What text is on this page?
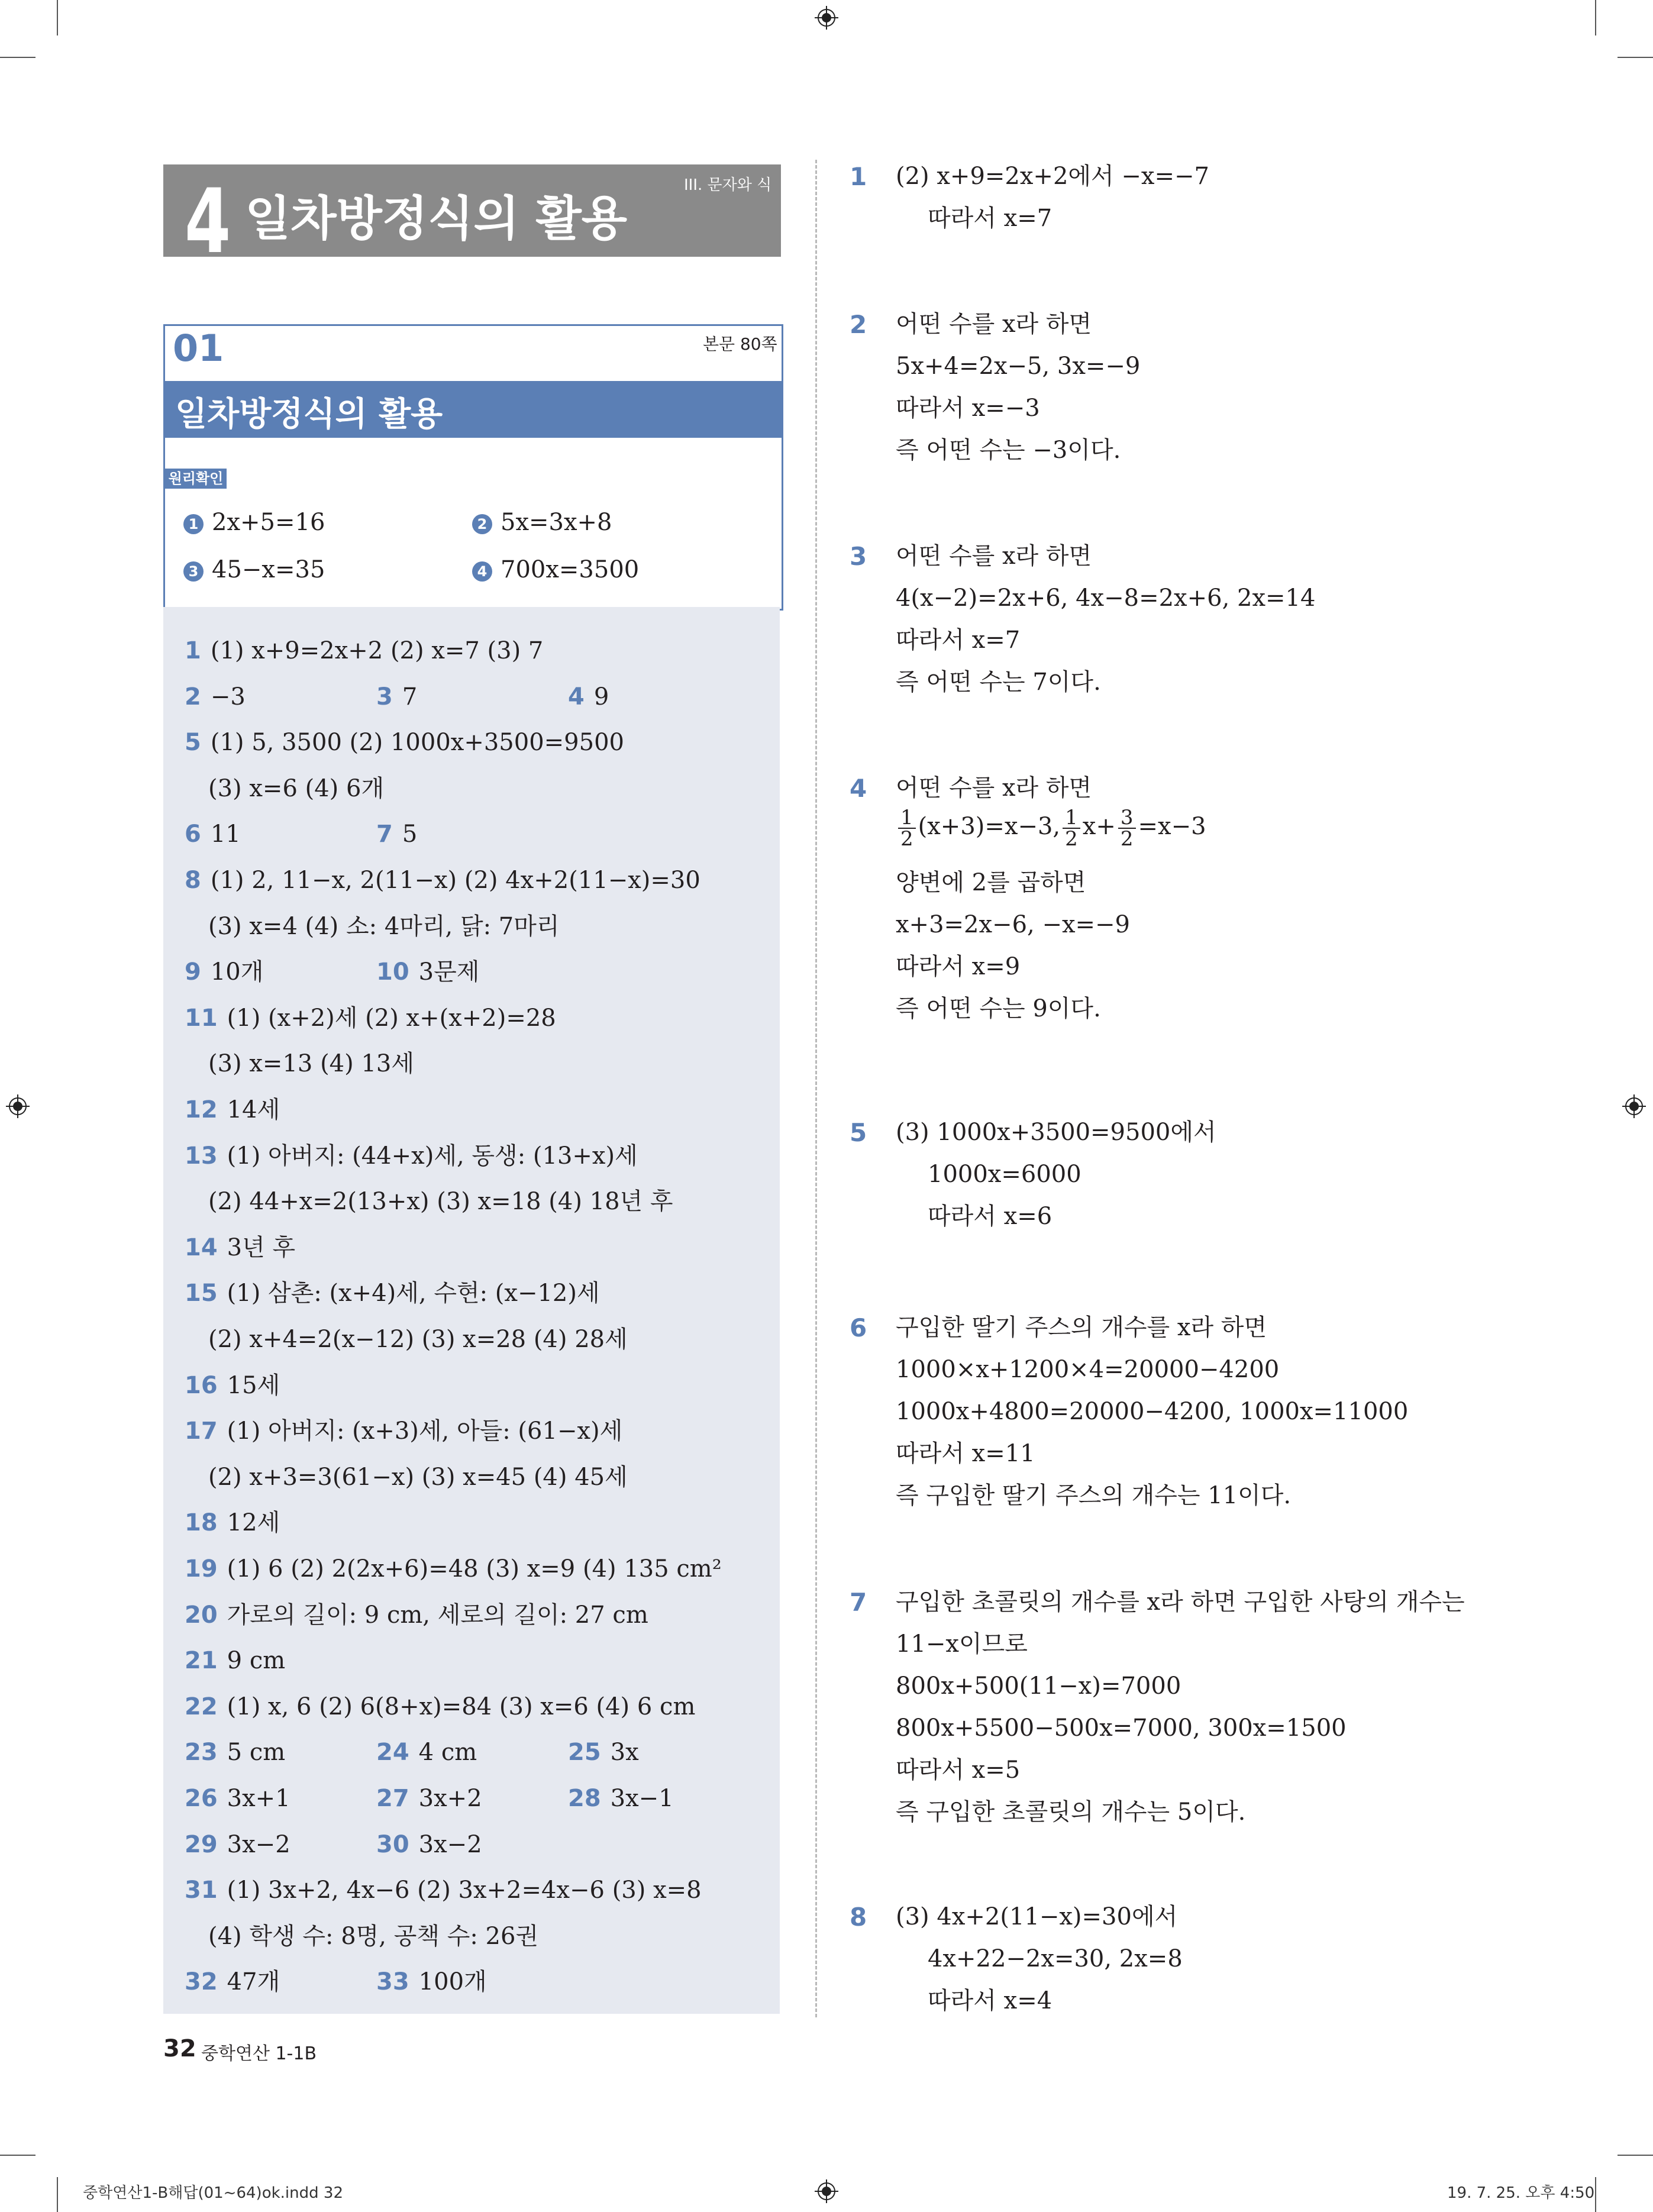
4 일차방정식의 활용
III. 문자와 식
01	본문 80쪽
일차방정식의 활용
원리확인
1 2x+5=16	2 5x=3x+8
3 45−x=35	4 700x=3500
1 (1) x+9=2x+2 (2) x=7 (3) 7
2 −3	3 7	4 9
5 (1) 5, 3500 (2) 1000x+3500=9500
(3) x=6 (4) 6개
6 11	7 5
8 (1) 2, 11−x, 2(11−x) (2) 4x+2(11−x)=30
(3) x=4 (4) 소: 4마리, 닭: 7마리
9 10개	10 3문제
11 (1) (x+2)세 (2) x+(x+2)=28
(3) x=13 (4) 13세
12 14세
13 (1) 아버지: (44+x)세, 동생: (13+x)세
(2) 44+x=2(13+x) (3) x=18 (4) 18년 후
14 3년 후
15 (1) 삼촌: (x+4)세, 수현: (x−12)세
(2) x+4=2(x−12) (3) x=28 (4) 28세
16 15세
17 (1) 아버지: (x+3)세, 아들: (61−x)세
(2) x+3=3(61−x) (3) x=45 (4) 45세
18 12세
19 (1) 6 (2) 2(2x+6)=48 (3) x=9 (4) 135 cm²
20 가로의 길이: 9 cm, 세로의 길이: 27 cm
21 9 cm
22 (1) x, 6 (2) 6(8+x)=84 (3) x=6 (4) 6 cm
23 5 cm	24 4 cm	25 3x
26 3x+1	27 3x+2	28 3x−1
29 3x−2	30 3x−2
31 (1) 3x+2, 4x−6 (2) 3x+2=4x−6 (3) x=8
(4) 학생 수: 8명, 공책 수: 26권
32 47개	33 100개
1 (2) x+9=2x+2에서 −x=−7
따라서 x=7
2 어떤 수를 x라 하면
5x+4=2x−5, 3x=−9
따라서 x=−3
즉 어떤 수는 −3이다.
3 어떤 수를 x라 하면
4(x−2)=2x+6, 4x−8=2x+6, 2x=14
따라서 x=7
즉 어떤 수는 7이다.
4 어떤 수를 x라 하면
$\frac{1}{2} (x+3)=x-3$, $\frac{1}{2} x+ \frac{3}{2} =x-3$
양변에 2를 곱하면
x+3=2x−6, −x=−9
따라서 x=9
즉 어떤 수는 9이다.
5 (3) 1000x+3500=9500에서
1000x=6000
따라서 x=6
6 구입한 딸기 주스의 개수를 x라 하면
1000×x+1200×4=20000−4200
1000x+4800=20000−4200, 1000x=11000
따라서 x=11
즉 구입한 딸기 주스의 개수는 11이다.
7 구입한 초콜릿의 개수를 x라 하면 구입한 사탕의 개수는
11−x이므로
800x+500(11−x)=7000
800x+5500−500x=7000, 300x=1500
따라서 x=5
즉 구입한 초콜릿의 개수는 5이다.
8 (3) 4x+2(11−x)=30에서
4x+22−2x=30, 2x=8
따라서 x=4
32 중학연산 1-1B
중학연산1-B해답(01~64)ok.indd 32	19. 7. 25. 오후 4:50
